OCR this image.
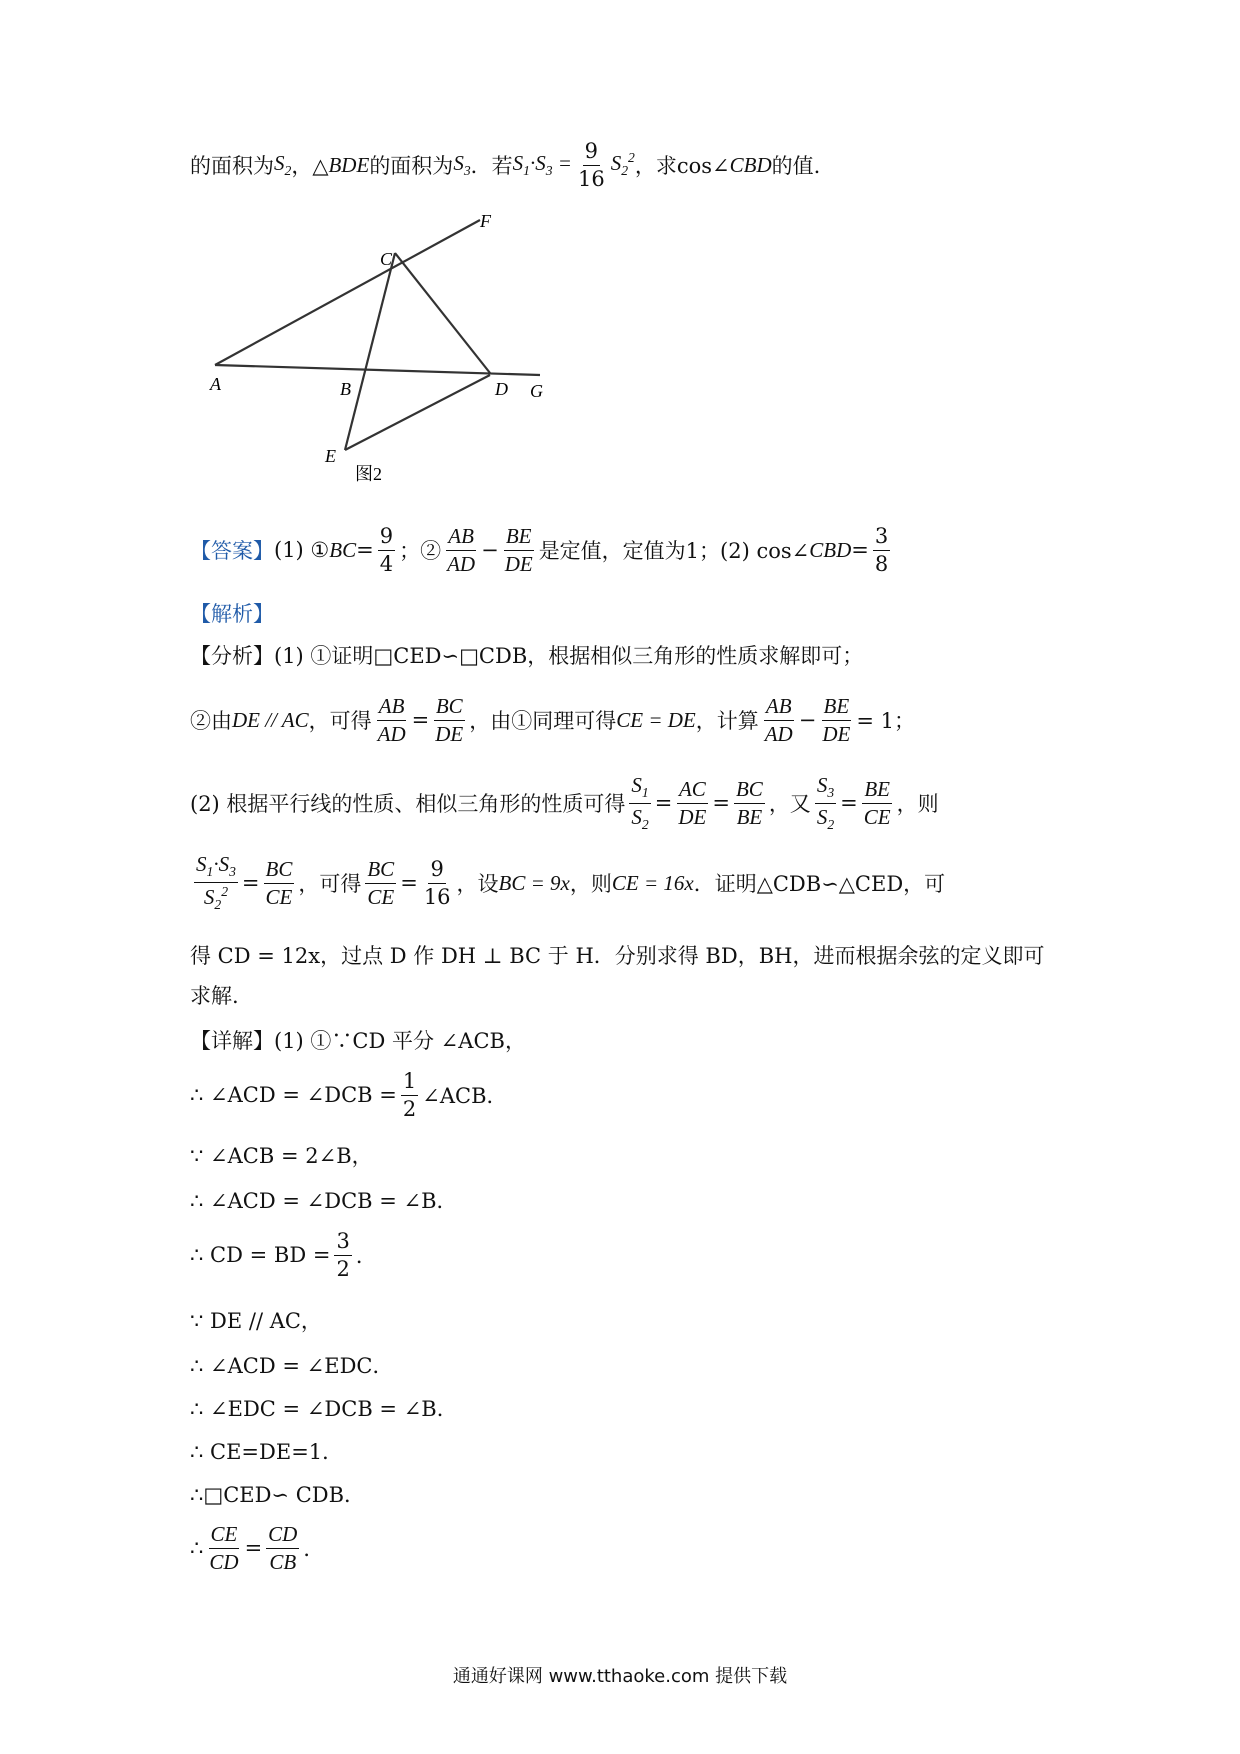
的面积为 $S_2$ ，△ BDE 的面积为 $S_3$ ．若 $S_1\cdot S_3 = \frac{9}{16} S_2^2$ ，求cos∠ CBD 的值.
F
C
A	B	D G
E
图2
【答案】 (1) ① BC = $\frac{9}{4}$ ；② $\frac{AB}{AD} - \frac{BE}{DE}$ 是定值，定值为1；(2) cos∠ CBD = $\frac{3}{8}$
【解析】
【分析】(1) ①证明□CED∽□CDB，根据相似三角形的性质求解即可；
②由 DE // AC ，可得 $\frac{AB}{AD} = \frac{BC}{DE}$ ，由①同理可得 CE = DE ，计算 $\frac{AB}{AD} - \frac{BE}{DE} = 1$；
(2) 根据平行线的性质、相似三角形的性质可得 $\frac{S_1}{S_2} = \frac{AC}{DE} = \frac{BC}{BE}$ ，又 $\frac{S_3}{S_2} = \frac{BE}{CE}$ ，则
$\frac{S_1\cdot S_3}{S_2^2} = \frac{BC}{CE}$ ，可得 $\frac{BC}{CE} = \frac{9}{16}$ ，设 BC = 9x ，则 CE = 16x ．证明△CDB∽△CED，可
得 CD = 12x，过点 D 作 DH ⊥ BC 于 H．分别求得 BD，BH，进而根据余弦的定义即可
求解.
【详解】(1) ①∵CD 平分 ∠ACB，
∴ ∠ACD = ∠DCB = $\frac{1}{2}$ ∠ACB．
∵ ∠ACB = 2∠B，
∴ ∠ACD = ∠DCB = ∠B．
∴ CD = BD = $\frac{3}{2}$ ．
∵ DE // AC，
∴ ∠ACD = ∠EDC．
∴ ∠EDC = ∠DCB = ∠B．
∴ CE=DE=1．
∴□CED∽ CDB．
∴ $\frac{CE}{CD} = \frac{CD}{CB}$ ．
通通好课网 www.tthaoke.com 提供下载
